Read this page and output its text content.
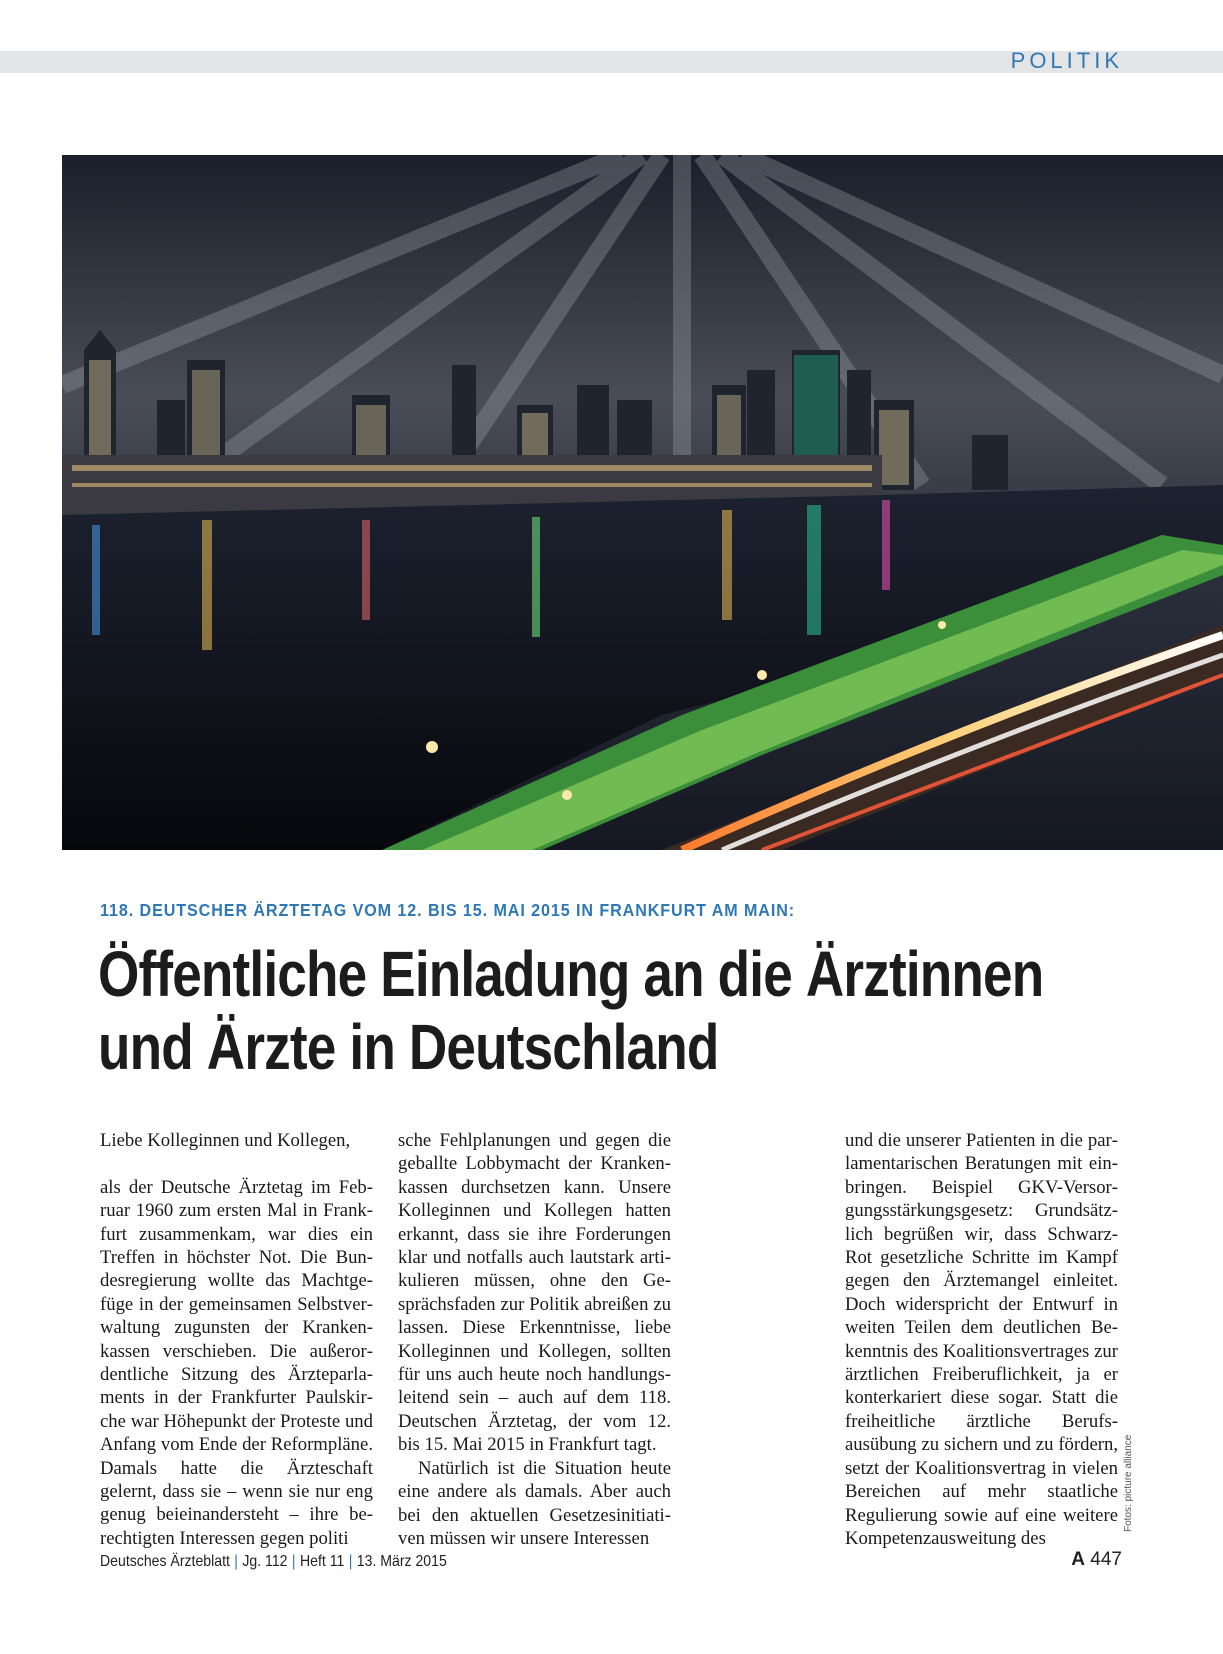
POLITIK
118. DEUTSCHER ÄRZTETAG VOM 12. BIS 15. MAI 2015 IN FRANKFURT AM MAIN:
Öffentliche Einladung an die Ärztinnen
und Ärzte in Deutschland

Liebe Kolleginnen und Kollegen,

als der Deutsche Ärztetag im Februar 1960 zum ersten Mal in Frankfurt zusammenkam, war dies ein Treffen in höchster Not. Die Bundesregierung wollte das Machtgefüge in der gemeinsamen Selbstverwaltung zugunsten der Krankenkassen verschieben. Die außerordentliche Sitzung des Ärzteparlaments in der Frankfurter Paulskirche war Höhepunkt der Proteste und Anfang vom Ende der Reformpläne. Damals hatte die Ärzteschaft gelernt, dass sie – wenn sie nur eng genug beieinandersteht – ihre berechtigten Interessen gegen politi

sche Fehlplanungen und gegen die geballte Lobbymacht der Krankenkassen durchsetzen kann. Unsere Kolleginnen und Kollegen hatten erkannt, dass sie ihre Forderungen klar und notfalls auch lautstark artikulieren müssen, ohne den Gesprächsfaden zur Politik abreißen zu lassen. Diese Erkenntnisse, liebe Kolleginnen und Kollegen, sollten für uns auch heute noch handlungsleitend sein – auch auf dem 118. Deutschen Ärztetag, der vom 12. bis 15. Mai 2015 in Frankfurt tagt.

Natürlich ist die Situation heute eine andere als damals. Aber auch bei den aktuellen Gesetzesinitiativen müssen wir unsere Interessen

und die unserer Patienten in die parlamentarischen Beratungen mit einbringen. Beispiel GKV-Versorgungsstärkungsgesetz: Grundsätzlich begrüßen wir, dass Schwarz-Rot gesetzliche Schritte im Kampf gegen den Ärztemangel einleitet. Doch widerspricht der Entwurf in weiten Teilen dem deutlichen Bekenntnis des Koalitionsvertrages zur ärztlichen Freiberuflichkeit, ja er konterkariert diese sogar. Statt die freiheitliche ärztliche Berufsausübung zu sichern und zu fördern, setzt der Koalitionsvertrag in vielen Bereichen auf mehr staatliche Regulierung sowie auf eine weitere Kompetenzausweitung des

Fotos: picture alliance
Deutsches Ärzteblatt | Jg. 112 | Heft 11 | 13. März 2015	A 447
